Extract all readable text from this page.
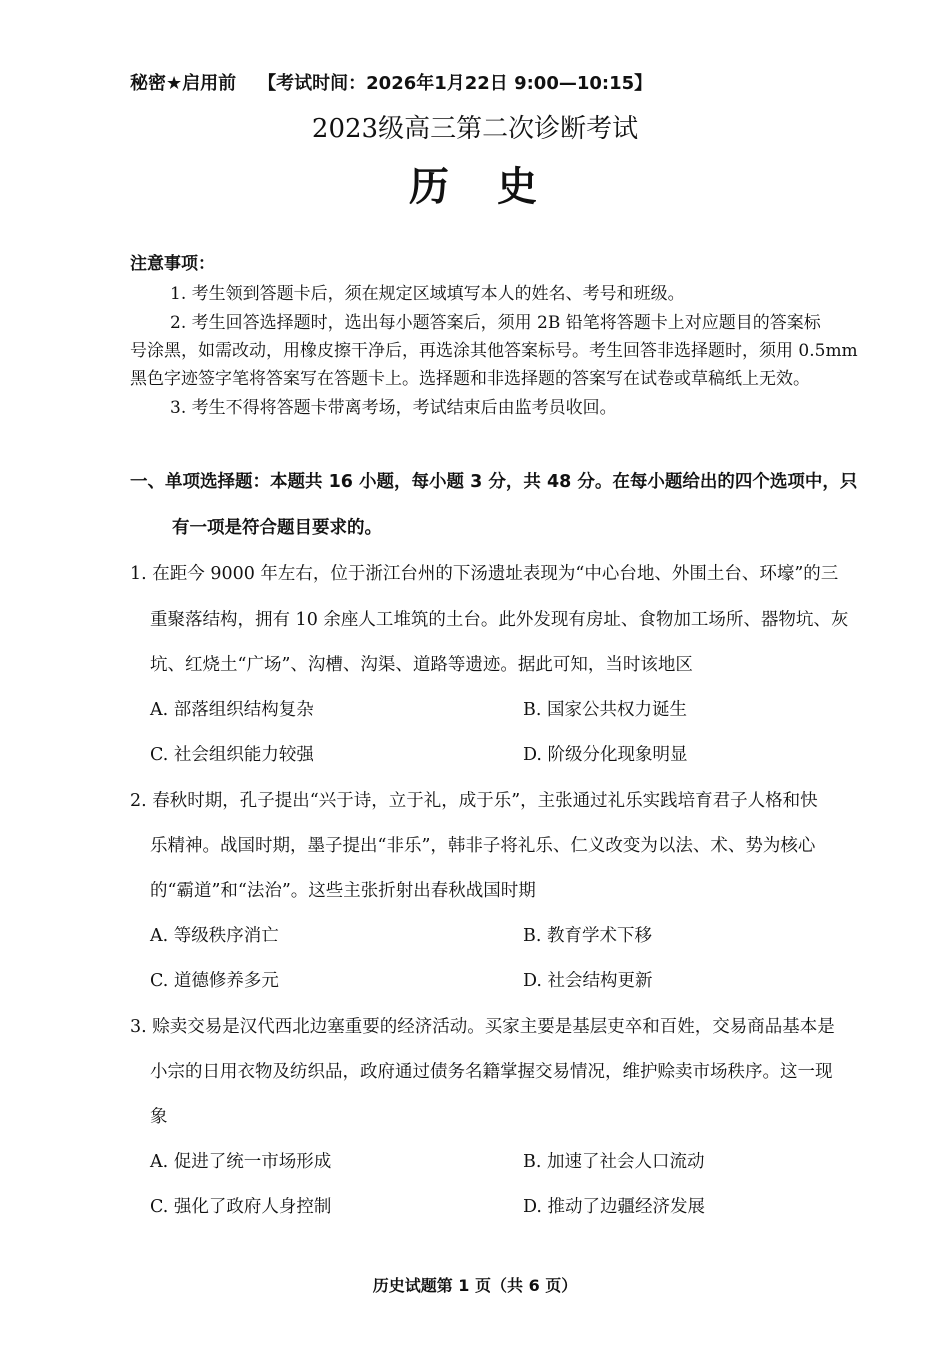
秘密★启用前 【考试时间：2026年1月22日 9:00—10:15】
2023级高三第二次诊断考试
历　史
注意事项：
1. 考生领到答题卡后，须在规定区域填写本人的姓名、考号和班级。
2. 考生回答选择题时，选出每小题答案后，须用 2B 铅笔将答题卡上对应题目的答案标
号涂黑，如需改动，用橡皮擦干净后，再选涂其他答案标号。考生回答非选择题时，须用 0.5mm
黑色字迹签字笔将答案写在答题卡上。选择题和非选择题的答案写在试卷或草稿纸上无效。
3. 考生不得将答题卡带离考场，考试结束后由监考员收回。
一、单项选择题：本题共 16 小题，每小题 3 分，共 48 分。在每小题给出的四个选项中，只
有一项是符合题目要求的。
1. 在距今 9000 年左右，位于浙江台州的下汤遗址表现为“中心台地、外围土台、环壕”的三
重聚落结构，拥有 10 余座人工堆筑的土台。此外发现有房址、食物加工场所、器物坑、灰
坑、红烧土“广场”、沟槽、沟渠、道路等遗迹。据此可知，当时该地区
A. 部落组织结构复杂	B. 国家公共权力诞生
C. 社会组织能力较强	D. 阶级分化现象明显
2. 春秋时期，孔子提出“兴于诗，立于礼，成于乐”，主张通过礼乐实践培育君子人格和快
乐精神。战国时期，墨子提出“非乐”，韩非子将礼乐、仁义改变为以法、术、势为核心
的“霸道”和“法治”。这些主张折射出春秋战国时期
A. 等级秩序消亡	B. 教育学术下移
C. 道德修养多元	D. 社会结构更新
3. 赊卖交易是汉代西北边塞重要的经济活动。买家主要是基层吏卒和百姓，交易商品基本是
小宗的日用衣物及纺织品，政府通过债务名籍掌握交易情况，维护赊卖市场秩序。这一现
象
A. 促进了统一市场形成	B. 加速了社会人口流动
C. 强化了政府人身控制	D. 推动了边疆经济发展
历史试题第 1 页（共 6 页）
